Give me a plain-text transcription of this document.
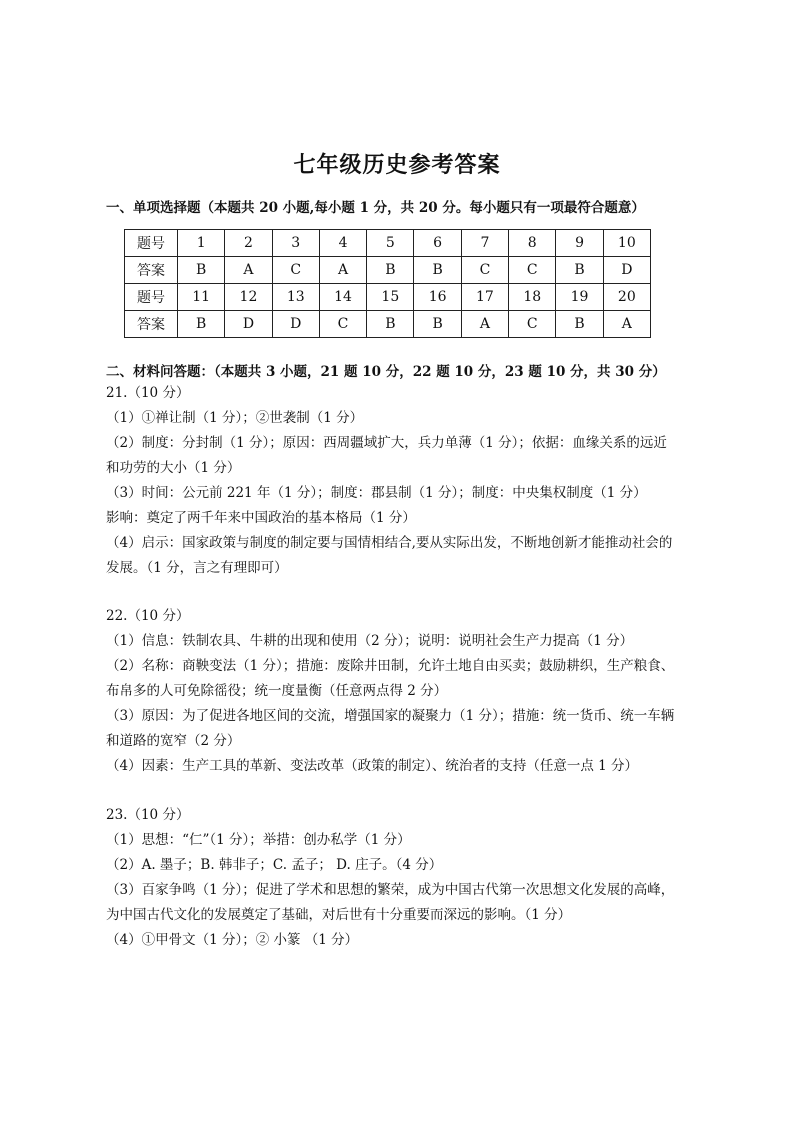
七年级历史参考答案
一、单项选择题（本题共 20 小题,每小题 1 分，共 20 分。每小题只有一项最符合题意）
题号	1	2	3	4	5	6	7	8	9	10
答案	B	A	C	A	B	B	C	C	B	D
题号	11	12	13	14	15	16	17	18	19	20
答案	B	D	D	C	B	B	A	C	B	A
二、材料问答题：（本题共 3 小题，21 题 10 分，22 题 10 分，23 题 10 分，共 30 分）
21.（10 分）
（1）①禅让制（1 分）；②世袭制（1 分）
（2）制度：分封制（1 分）；原因：西周疆域扩大，兵力单薄（1 分）；依据：血缘关系的远近
和功劳的大小（1 分）
（3）时间：公元前 221 年（1 分）；制度：郡县制（1 分）；制度：中央集权制度（1 分）
影响：奠定了两千年来中国政治的基本格局（1 分）
（4）启示：国家政策与制度的制定要与国情相结合,要从实际出发，不断地创新才能推动社会的
发展。（1 分，言之有理即可）
22.（10 分）
（1）信息：铁制农具、牛耕的出现和使用（2 分）；说明：说明社会生产力提高（1 分）
（2）名称：商鞅变法（1 分）；措施：废除井田制，允许土地自由买卖；鼓励耕织，生产粮食、
布帛多的人可免除徭役；统一度量衡（任意两点得 2 分）
（3）原因：为了促进各地区间的交流，增强国家的凝聚力（1 分）；措施：统一货币、统一车辆
和道路的宽窄（2 分）
（4）因素：生产工具的革新、变法改革（政策的制定）、统治者的支持（任意一点 1 分）
23.（10 分）
（1）思想：“仁”（1 分）；举措：创办私学（1 分）
（2）A. 墨子；B. 韩非子；C. 孟子； D. 庄子。（4 分）
（3）百家争鸣（1 分）；促进了学术和思想的繁荣，成为中国古代第一次思想文化发展的高峰，
为中国古代文化的发展奠定了基础，对后世有十分重要而深远的影响。（1 分）
（4）①甲骨文（1 分）；② 小篆 （1 分）
